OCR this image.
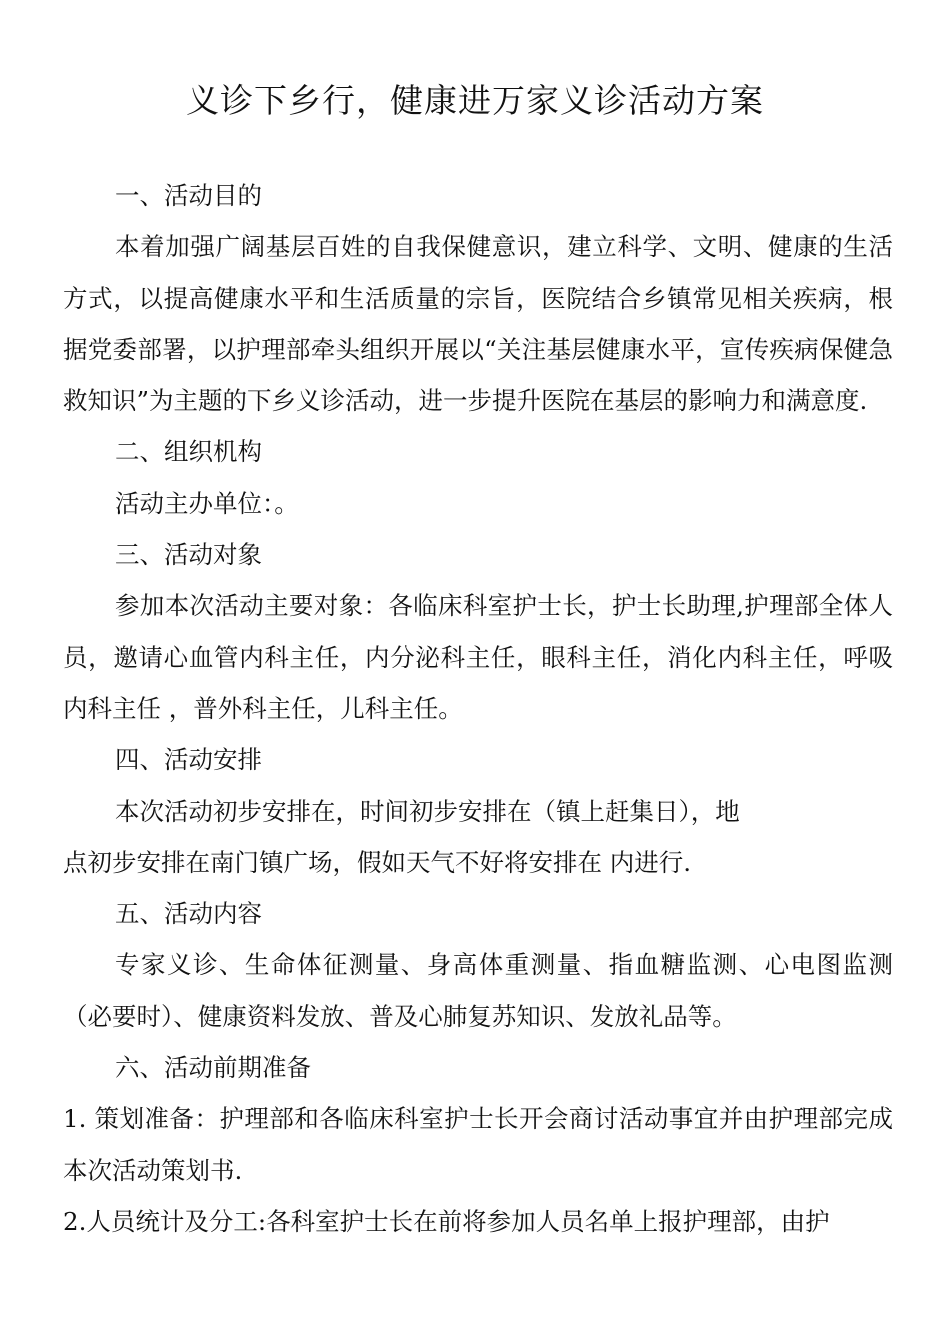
义诊下乡行，健康进万家义诊活动方案

一、活动目的

本着加强广阔基层百姓的自我保健意识，建立科学、文明、健康的生活方式，以提高健康水平和生活质量的宗旨，医院结合乡镇常见相关疾病，根据党委部署，以护理部牵头组织开展以“关注基层健康水平，宣传疾病保健急救知识”为主题的下乡义诊活动，进一步提升医院在基层的影响力和满意度.

二、组织机构

活动主办单位：。

三、活动对象

参加本次活动主要对象：各临床科室护士长，护士长助理,护理部全体人员，邀请心血管内科主任，内分泌科主任，眼科主任，消化内科主任，呼吸内科主任 ，普外科主任，儿科主任。

四、活动安排

本次活动初步安排在，时间初步安排在（镇上赶集日），地

点初步安排在南门镇广场，假如天气不好将安排在 内进行.

五、活动内容

专家义诊、生命体征测量、身高体重测量、指血糖监测、心电图监测（必要时）、健康资料发放、普及心肺复苏知识、发放礼品等。

六、活动前期准备

1. 策划准备：护理部和各临床科室护士长开会商讨活动事宜并由护理部完成本次活动策划书.

2.人员统计及分工:各科室护士长在前将参加人员名单上报护理部，由护
